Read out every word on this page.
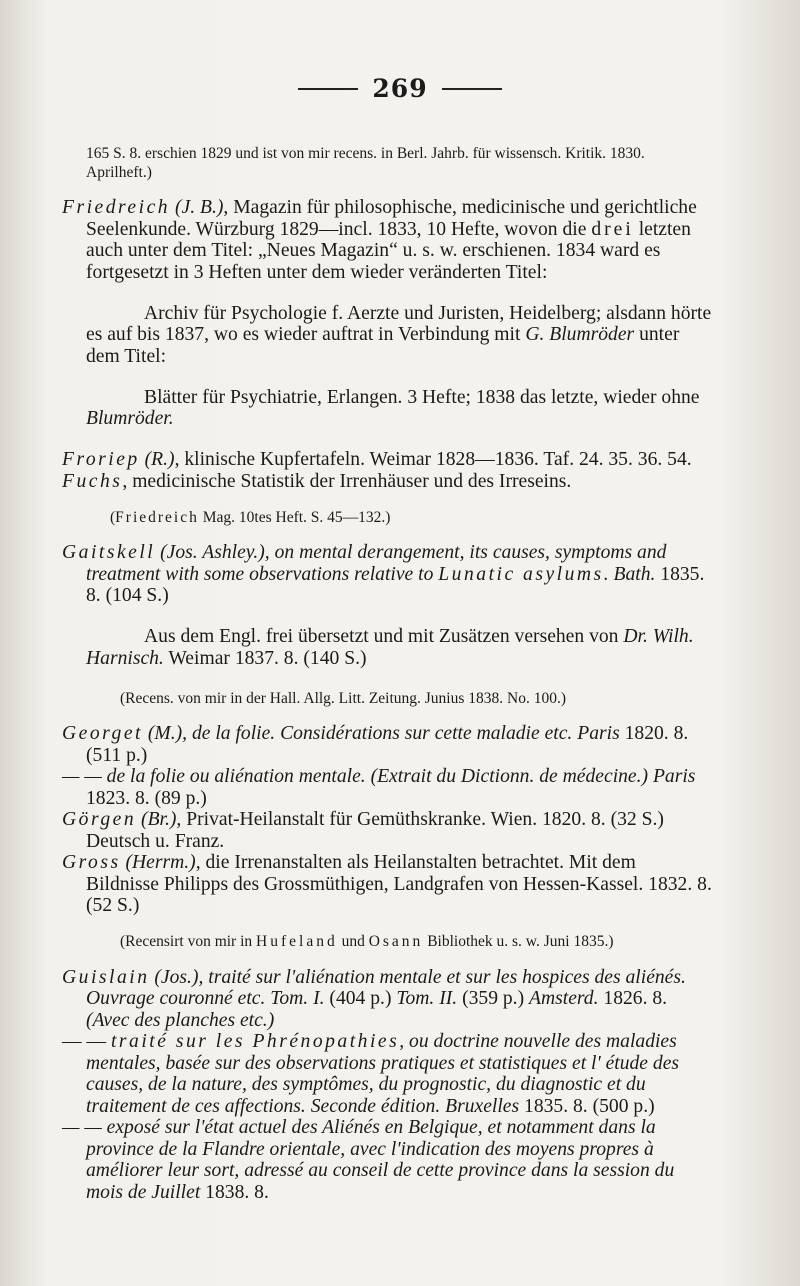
269

165 S. 8. erschien 1829 und ist von mir recens. in Berl. Jahrb. für wissensch. Kritik. 1830. Aprilheft.)

Friedreich (J. B.), Magazin für philosophische, medicinische und gerichtliche Seelenkunde. Würzburg 1829—incl. 1833, 10 Hefte, wovon die drei letzten auch unter dem Titel: „Neues Magazin“ u. s. w. erschienen. 1834 ward es fortgesetzt in 3 Heften unter dem wieder veränderten Titel:

Archiv für Psychologie f. Aerzte und Juristen, Heidelberg; alsdann hörte es auf bis 1837, wo es wieder auftrat in Verbindung mit G. Blumröder unter dem Titel:

Blätter für Psychiatrie, Erlangen. 3 Hefte; 1838 das letzte, wieder ohne Blumröder.

Froriep (R.), klinische Kupfertafeln. Weimar 1828—1836. Taf. 24. 35. 36. 54.

Fuchs, medicinische Statistik der Irrenhäuser und des Irreseins.

(Friedreich Mag. 10tes Heft. S. 45—132.)

Gaitskell (Jos. Ashley.), on mental derangement, its causes, symptoms and treatment with some observations relative to Lunatic asylums. Bath. 1835. 8. (104 S.)

Aus dem Engl. frei übersetzt und mit Zusätzen versehen von Dr. Wilh. Harnisch. Weimar 1837. 8. (140 S.)

(Recens. von mir in der Hall. Allg. Litt. Zeitung. Junius 1838. No. 100.)

Georget (M.), de la folie. Considérations sur cette maladie etc. Paris 1820. 8. (511 p.)

— — de la folie ou aliénation mentale. (Extrait du Dictionn. de médecine.) Paris 1823. 8. (89 p.)

Görgen (Br.), Privat-Heilanstalt für Gemüthskranke. Wien. 1820. 8. (32 S.) Deutsch u. Franz.

Gross (Herrm.), die Irrenanstalten als Heilanstalten betrachtet. Mit dem Bildnisse Philipps des Grossmüthigen, Landgrafen von Hessen-Kassel. 1832. 8. (52 S.)

(Recensirt von mir in Hufeland und Osann Bibliothek u. s. w. Juni 1835.)

Guislain (Jos.), traité sur l'aliénation mentale et sur les hospices des aliénés. Ouvrage couronné etc. Tom. I. (404 p.) Tom. II. (359 p.) Amsterd. 1826. 8. (Avec des planches etc.)

— — traité sur les Phrénopathies, ou doctrine nouvelle des maladies mentales, basée sur des observations pratiques et statistiques et l' étude des causes, de la nature, des symptômes, du prognostic, du diagnostic et du traitement de ces affections. Seconde édition. Bruxelles 1835. 8. (500 p.)

— — exposé sur l'état actuel des Aliénés en Belgique, et notamment dans la province de la Flandre orientale, avec l'indication des moyens propres à améliorer leur sort, adressé au conseil de cette province dans la session du mois de Juillet 1838. 8.
